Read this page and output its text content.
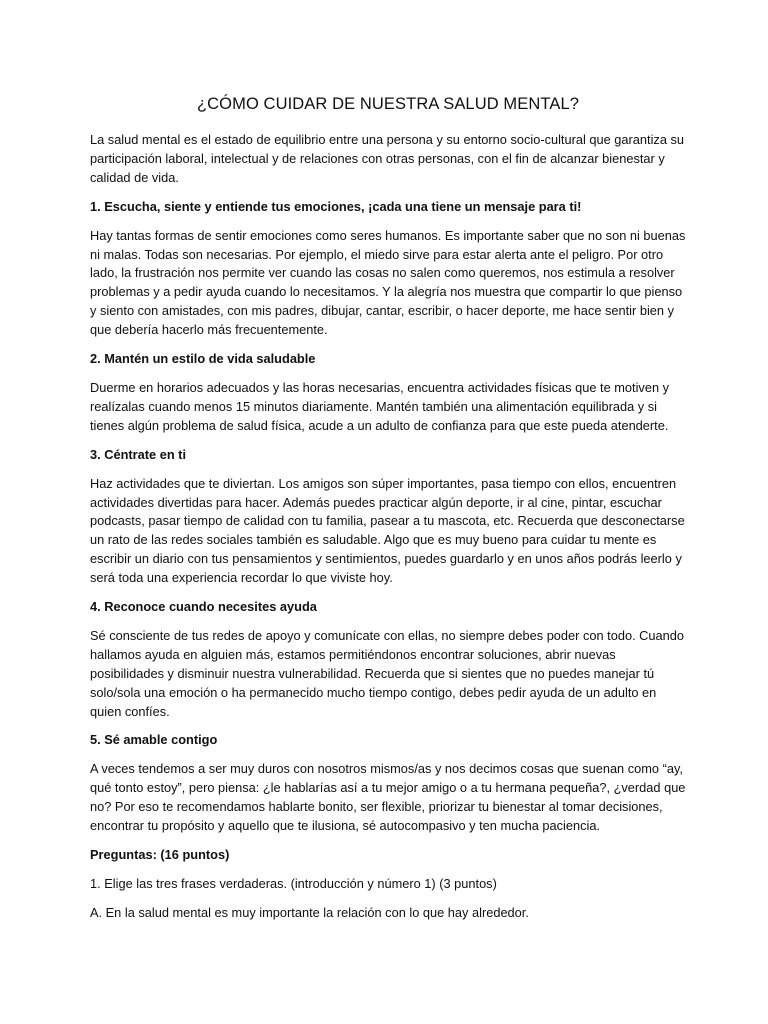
¿CÓMO CUIDAR DE NUESTRA SALUD MENTAL?

La salud mental es el estado de equilibrio entre una persona y su entorno socio-cultural que garantiza su participación laboral, intelectual y de relaciones con otras personas, con el fin de alcanzar bienestar y calidad de vida.

1. Escucha, siente y entiende tus emociones, ¡cada una tiene un mensaje para ti!

Hay tantas formas de sentir emociones como seres humanos. Es importante saber que no son ni buenas ni malas. Todas son necesarias. Por ejemplo, el miedo sirve para estar alerta ante el peligro. Por otro lado, la frustración nos permite ver cuando las cosas no salen como queremos, nos estimula a resolver problemas y a pedir ayuda cuando lo necesitamos. Y la alegría nos muestra que compartir lo que pienso y siento con amistades, con mis padres, dibujar, cantar, escribir, o hacer deporte, me hace sentir bien y que debería hacerlo más frecuentemente.

2. Mantén un estilo de vida saludable

Duerme en horarios adecuados y las horas necesarias, encuentra actividades físicas que te motiven y realízalas cuando menos 15 minutos diariamente. Mantén también una alimentación equilibrada y si tienes algún problema de salud física, acude a un adulto de confianza para que este pueda atenderte.

3. Céntrate en ti

Haz actividades que te diviertan. Los amigos son súper importantes, pasa tiempo con ellos, encuentren actividades divertidas para hacer. Además puedes practicar algún deporte, ir al cine, pintar, escuchar podcasts, pasar tiempo de calidad con tu familia, pasear a tu mascota, etc. Recuerda que desconectarse un rato de las redes sociales también es saludable. Algo que es muy bueno para cuidar tu mente es escribir un diario con tus pensamientos y sentimientos, puedes guardarlo y en unos años podrás leerlo y será toda una experiencia recordar lo que viviste hoy.

4. Reconoce cuando necesites ayuda

Sé consciente de tus redes de apoyo y comunícate con ellas, no siempre debes poder con todo. Cuando hallamos ayuda en alguien más, estamos permitiéndonos encontrar soluciones, abrir nuevas posibilidades y disminuir nuestra vulnerabilidad. Recuerda que si sientes que no puedes manejar tú solo/sola una emoción o ha permanecido mucho tiempo contigo, debes pedir ayuda de un adulto en quien confíes.

5. Sé amable contigo

A veces tendemos a ser muy duros con nosotros mismos/as y nos decimos cosas que suenan como “ay, qué tonto estoy”, pero piensa: ¿le hablarías así a tu mejor amigo o a tu hermana pequeña?, ¿verdad que no? Por eso te recomendamos hablarte bonito, ser flexible, priorizar tu bienestar al tomar decisiones, encontrar tu propósito y aquello que te ilusiona, sé autocompasivo y ten mucha paciencia.

Preguntas: (16 puntos)

1. Elige las tres frases verdaderas. (introducción y número 1) (3 puntos)

A. En la salud mental es muy importante la relación con lo que hay alrededor.
